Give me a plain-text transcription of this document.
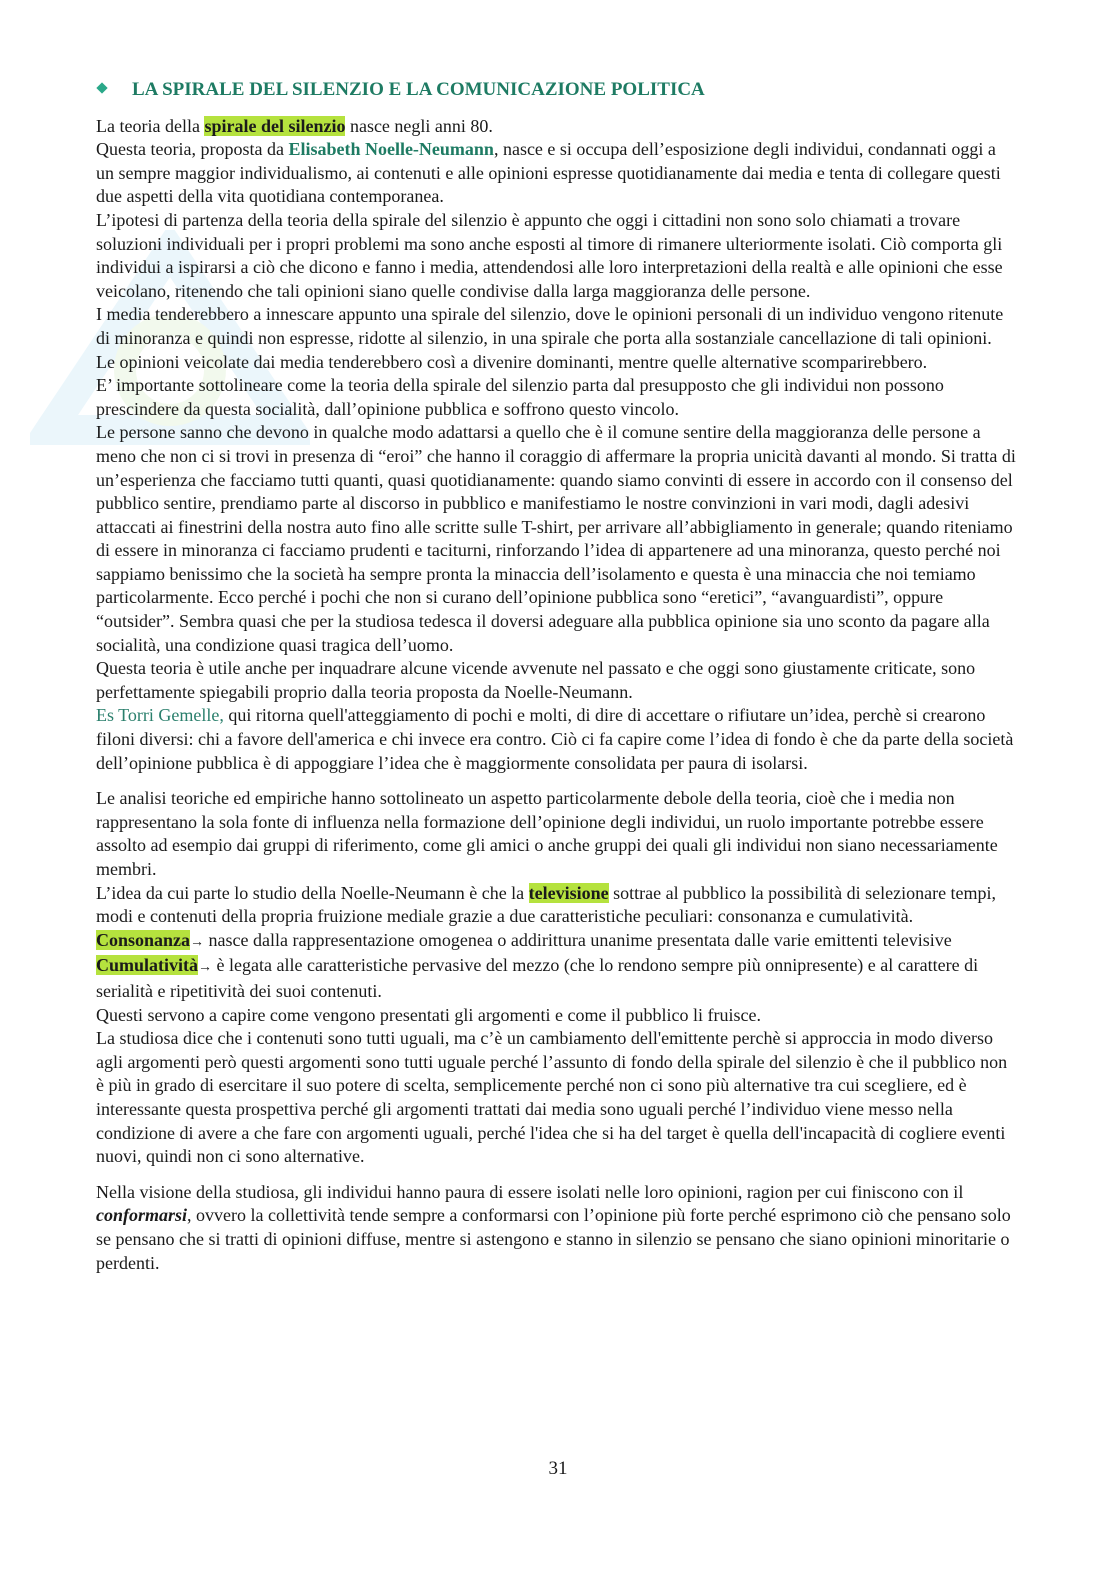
LA SPIRALE DEL SILENZIO E LA COMUNICAZIONE POLITICA

La teoria della spirale del silenzio nasce negli anni 80.

Questa teoria, proposta da Elisabeth Noelle-Neumann, nasce e si occupa dell’esposizione degli individui, condannati oggi a un sempre maggior individualismo, ai contenuti e alle opinioni espresse quotidianamente dai media e tenta di collegare questi due aspetti della vita quotidiana contemporanea.

L’ipotesi di partenza della teoria della spirale del silenzio è appunto che oggi i cittadini non sono solo chiamati a trovare soluzioni individuali per i propri problemi ma sono anche esposti al timore di rimanere ulteriormente isolati. Ciò comporta gli individui a ispirarsi a ciò che dicono e fanno i media, attendendosi alle loro interpretazioni della realtà e alle opinioni che esse veicolano, ritenendo che tali opinioni siano quelle condivise dalla larga maggioranza delle persone.

I media tenderebbero a innescare appunto una spirale del silenzio, dove le opinioni personali di un individuo vengono ritenute di minoranza e quindi non espresse, ridotte al silenzio, in una spirale che porta alla sostanziale cancellazione di tali opinioni.

Le opinioni veicolate dai media tenderebbero così a divenire dominanti, mentre quelle alternative scomparirebbero.

E’ importante sottolineare come la teoria della spirale del silenzio parta dal presupposto che gli individui non possono prescindere da questa socialità, dall’opinione pubblica e soffrono questo vincolo.

Le persone sanno che devono in qualche modo adattarsi a quello che è il comune sentire della maggioranza delle persone a meno che non ci si trovi in presenza di “eroi” che hanno il coraggio di affermare la propria unicità davanti al mondo. Si tratta di un’esperienza che facciamo tutti quanti, quasi quotidianamente: quando siamo convinti di essere in accordo con il consenso del pubblico sentire, prendiamo parte al discorso in pubblico e manifestiamo le nostre convinzioni in vari modi, dagli adesivi attaccati ai finestrini della nostra auto fino alle scritte sulle T-shirt, per arrivare all’abbigliamento in generale; quando riteniamo di essere in minoranza ci facciamo prudenti e taciturni, rinforzando l’idea di appartenere ad una minoranza, questo perché noi sappiamo benissimo che la società ha sempre pronta la minaccia dell’isolamento e questa è una minaccia che noi temiamo particolarmente. Ecco perché i pochi che non si curano dell’opinione pubblica sono “eretici”, “avanguardisti”, oppure “outsider”. Sembra quasi che per la studiosa tedesca il doversi adeguare alla pubblica opinione sia uno sconto da pagare alla socialità, una condizione quasi tragica dell’uomo.

Questa teoria è utile anche per inquadrare alcune vicende avvenute nel passato e che oggi sono giustamente criticate, sono perfettamente spiegabili proprio dalla teoria proposta da Noelle-Neumann.

Es Torri Gemelle, qui ritorna quell'atteggiamento di pochi e molti, di dire di accettare o rifiutare un’idea, perchè si crearono filoni diversi: chi a favore dell'america e chi invece era contro. Ciò ci fa capire come l’idea di fondo è che da parte della società dell’opinione pubblica è di appoggiare l’idea che è maggiormente consolidata per paura di isolarsi.

Le analisi teoriche ed empiriche hanno sottolineato un aspetto particolarmente debole della teoria, cioè che i media non rappresentano la sola fonte di influenza nella formazione dell’opinione degli individui, un ruolo importante potrebbe essere assolto ad esempio dai gruppi di riferimento, come gli amici o anche gruppi dei quali gli individui non siano necessariamente membri.

L’idea da cui parte lo studio della Noelle-Neumann è che la televisione sottrae al pubblico la possibilità di selezionare tempi, modi e contenuti della propria fruizione mediale grazie a due caratteristiche peculiari: consonanza e cumulatività.

Consonanza→ nasce dalla rappresentazione omogenea o addirittura unanime presentata dalle varie emittenti televisive

Cumulatività→ è legata alle caratteristiche pervasive del mezzo (che lo rendono sempre più onnipresente) e al carattere di serialità e ripetitività dei suoi contenuti.

Questi servono a capire come vengono presentati gli argomenti e come il pubblico li fruisce.

La studiosa dice che i contenuti sono tutti uguali, ma c’è un cambiamento dell'emittente perchè si approccia in modo diverso agli argomenti però questi argomenti sono tutti uguale perché l’assunto di fondo della spirale del silenzio è che il pubblico non è più in grado di esercitare il suo potere di scelta, semplicemente perché non ci sono più alternative tra cui scegliere, ed è interessante questa prospettiva perché gli argomenti trattati dai media sono uguali perché l’individuo viene messo nella condizione di avere a che fare con argomenti uguali, perché l'idea che si ha del target è quella dell'incapacità di cogliere eventi nuovi, quindi non ci sono alternative.

Nella visione della studiosa, gli individui hanno paura di essere isolati nelle loro opinioni, ragion per cui finiscono con il conformarsi, ovvero la collettività tende sempre a conformarsi con l’opinione più forte perché esprimono ciò che pensano solo se pensano che si tratti di opinioni diffuse, mentre si astengono e stanno in silenzio se pensano che siano opinioni minoritarie o perdenti.

31
